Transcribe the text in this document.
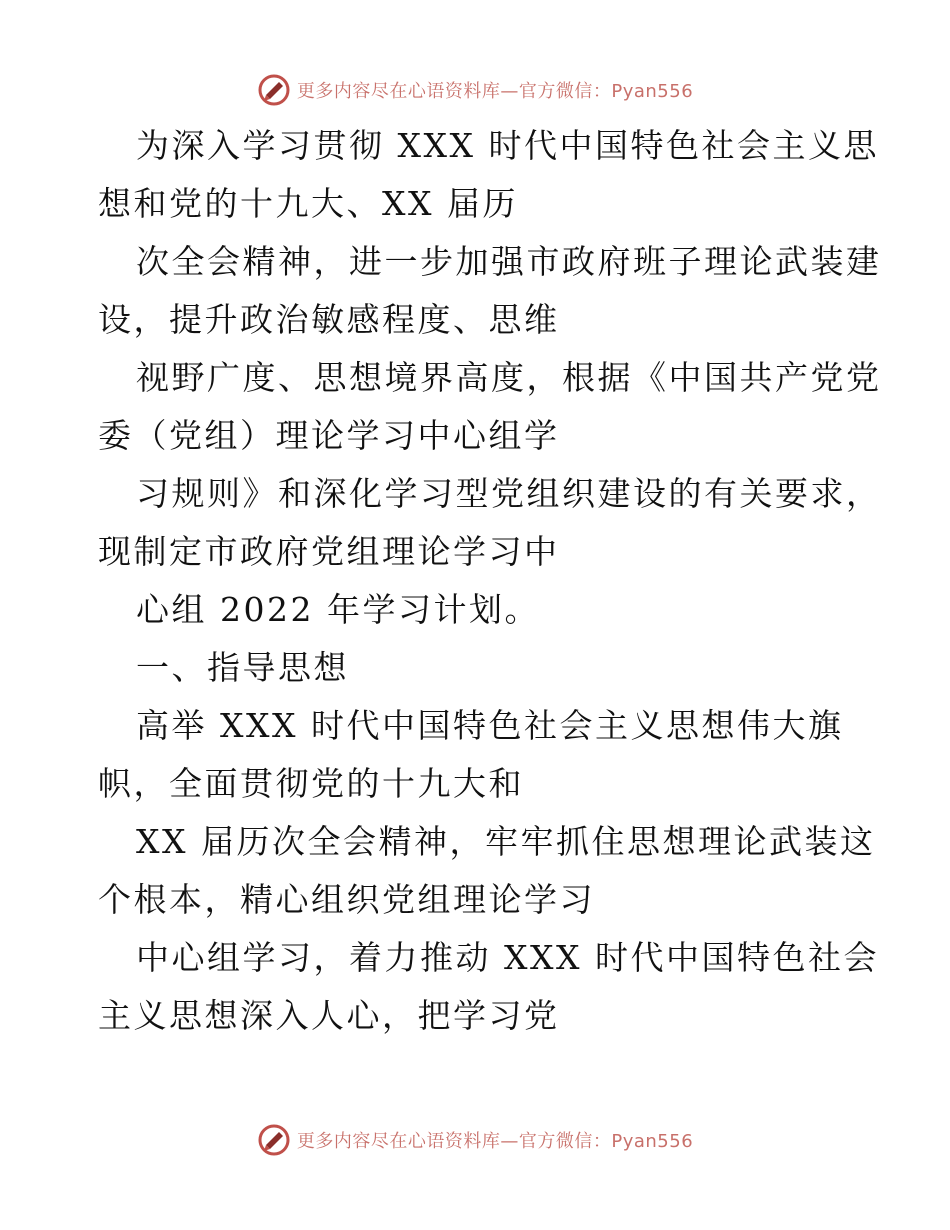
更多内容尽在心语资料库—官方微信：Pyan556
为深入学习贯彻 XXX 时代中国特色社会主义思
想和党的十九大、XX 届历
次全会精神，进一步加强市政府班子理论武装建
设，提升政治敏感程度、思维
视野广度、思想境界高度，根据《中国共产党党
委（党组）理论学习中心组学
习规则》和深化学习型党组织建设的有关要求，
现制定市政府党组理论学习中
心组 2022 年学习计划。
一、指导思想
高举 XXX 时代中国特色社会主义思想伟大旗
帜，全面贯彻党的十九大和
XX 届历次全会精神，牢牢抓住思想理论武装这
个根本，精心组织党组理论学习
中心组学习，着力推动 XXX 时代中国特色社会
主义思想深入人心，把学习党
更多内容尽在心语资料库—官方微信：Pyan556
